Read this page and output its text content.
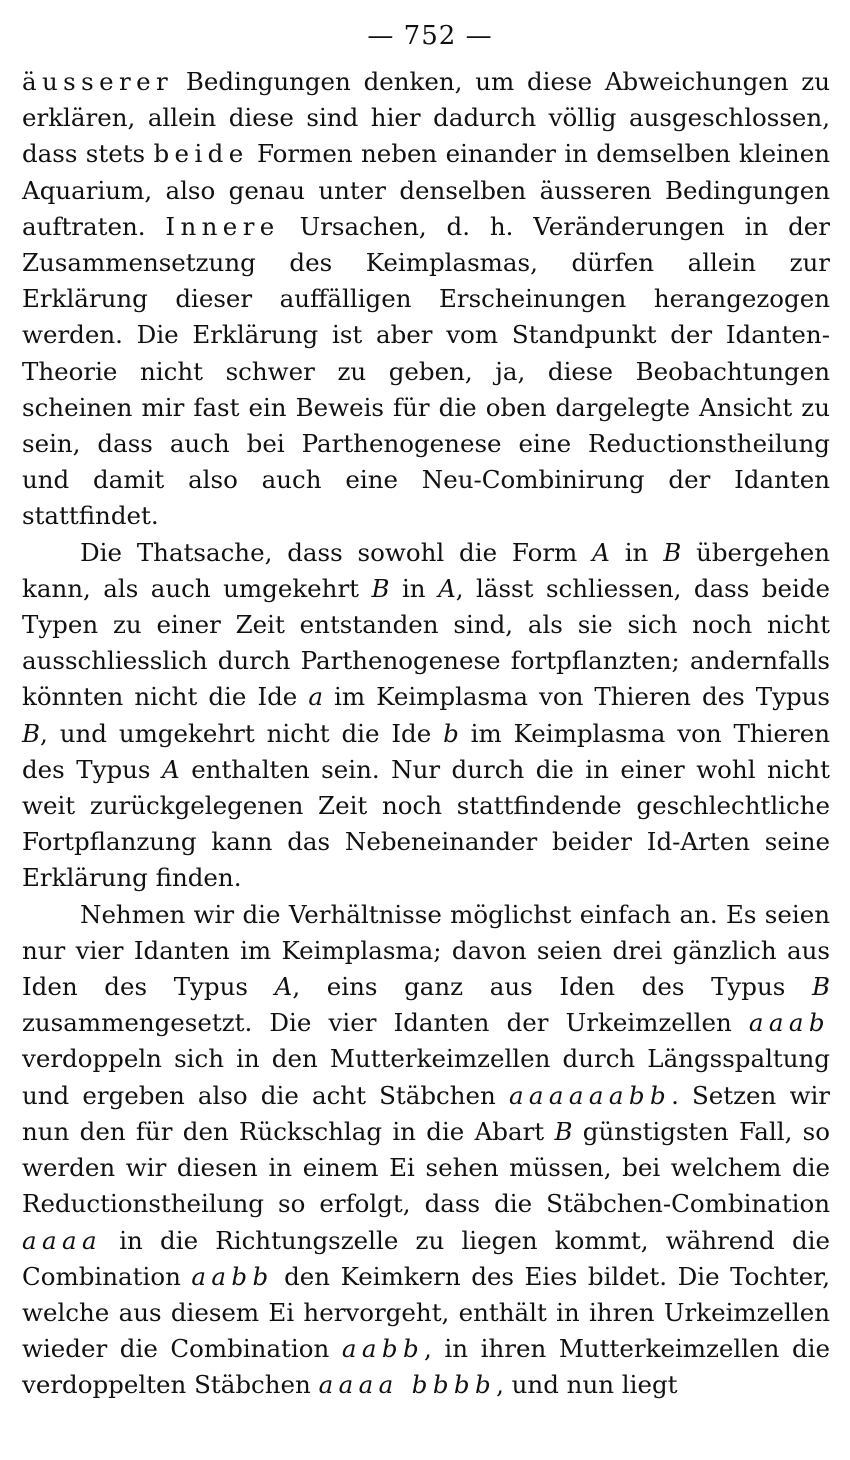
— 752 —

äusserer Bedingungen denken, um diese Abweichungen zu erklären, allein diese sind hier dadurch völlig ausgeschlossen, dass stets beide Formen neben einander in demselben kleinen Aquarium, also genau unter denselben äusseren Bedingungen auftraten. Innere Ursachen, d. h. Veränderungen in der Zusammensetzung des Keimplasmas, dürfen allein zur Erklärung dieser auffälligen Erscheinungen herangezogen werden. Die Erklärung ist aber vom Standpunkt der Idanten-Theorie nicht schwer zu geben, ja, diese Beobachtungen scheinen mir fast ein Beweis für die oben dargelegte Ansicht zu sein, dass auch bei Parthenogenese eine Reductionstheilung und damit also auch eine Neu-Combinirung der Idanten stattfindet.

Die Thatsache, dass sowohl die Form A in B übergehen kann, als auch umgekehrt B in A, lässt schliessen, dass beide Typen zu einer Zeit entstanden sind, als sie sich noch nicht ausschliesslich durch Parthenogenese fortpflanzten; andernfalls könnten nicht die Ide a im Keimplasma von Thieren des Typus B, und umgekehrt nicht die Ide b im Keimplasma von Thieren des Typus A enthalten sein. Nur durch die in einer wohl nicht weit zurückgelegenen Zeit noch stattfindende geschlechtliche Fortpflanzung kann das Nebeneinander beider Id-Arten seine Erklärung finden.

Nehmen wir die Verhältnisse möglichst einfach an. Es seien nur vier Idanten im Keimplasma; davon seien drei gänzlich aus Iden des Typus A, eins ganz aus Iden des Typus B zusammengesetzt. Die vier Idanten der Urkeimzellen aaab verdoppeln sich in den Mutterkeimzellen durch Längsspaltung und ergeben also die acht Stäbchen aaaaaabb. Setzen wir nun den für den Rückschlag in die Abart B günstigsten Fall, so werden wir diesen in einem Ei sehen müssen, bei welchem die Reductionstheilung so erfolgt, dass die Stäbchen-Combination aaaa in die Richtungszelle zu liegen kommt, während die Combination aabb den Keimkern des Eies bildet. Die Tochter, welche aus diesem Ei hervorgeht, enthält in ihren Urkeimzellen wieder die Combination aabb, in ihren Mutterkeimzellen die verdoppelten Stäbchen aaaa bbbb, und nun liegt
